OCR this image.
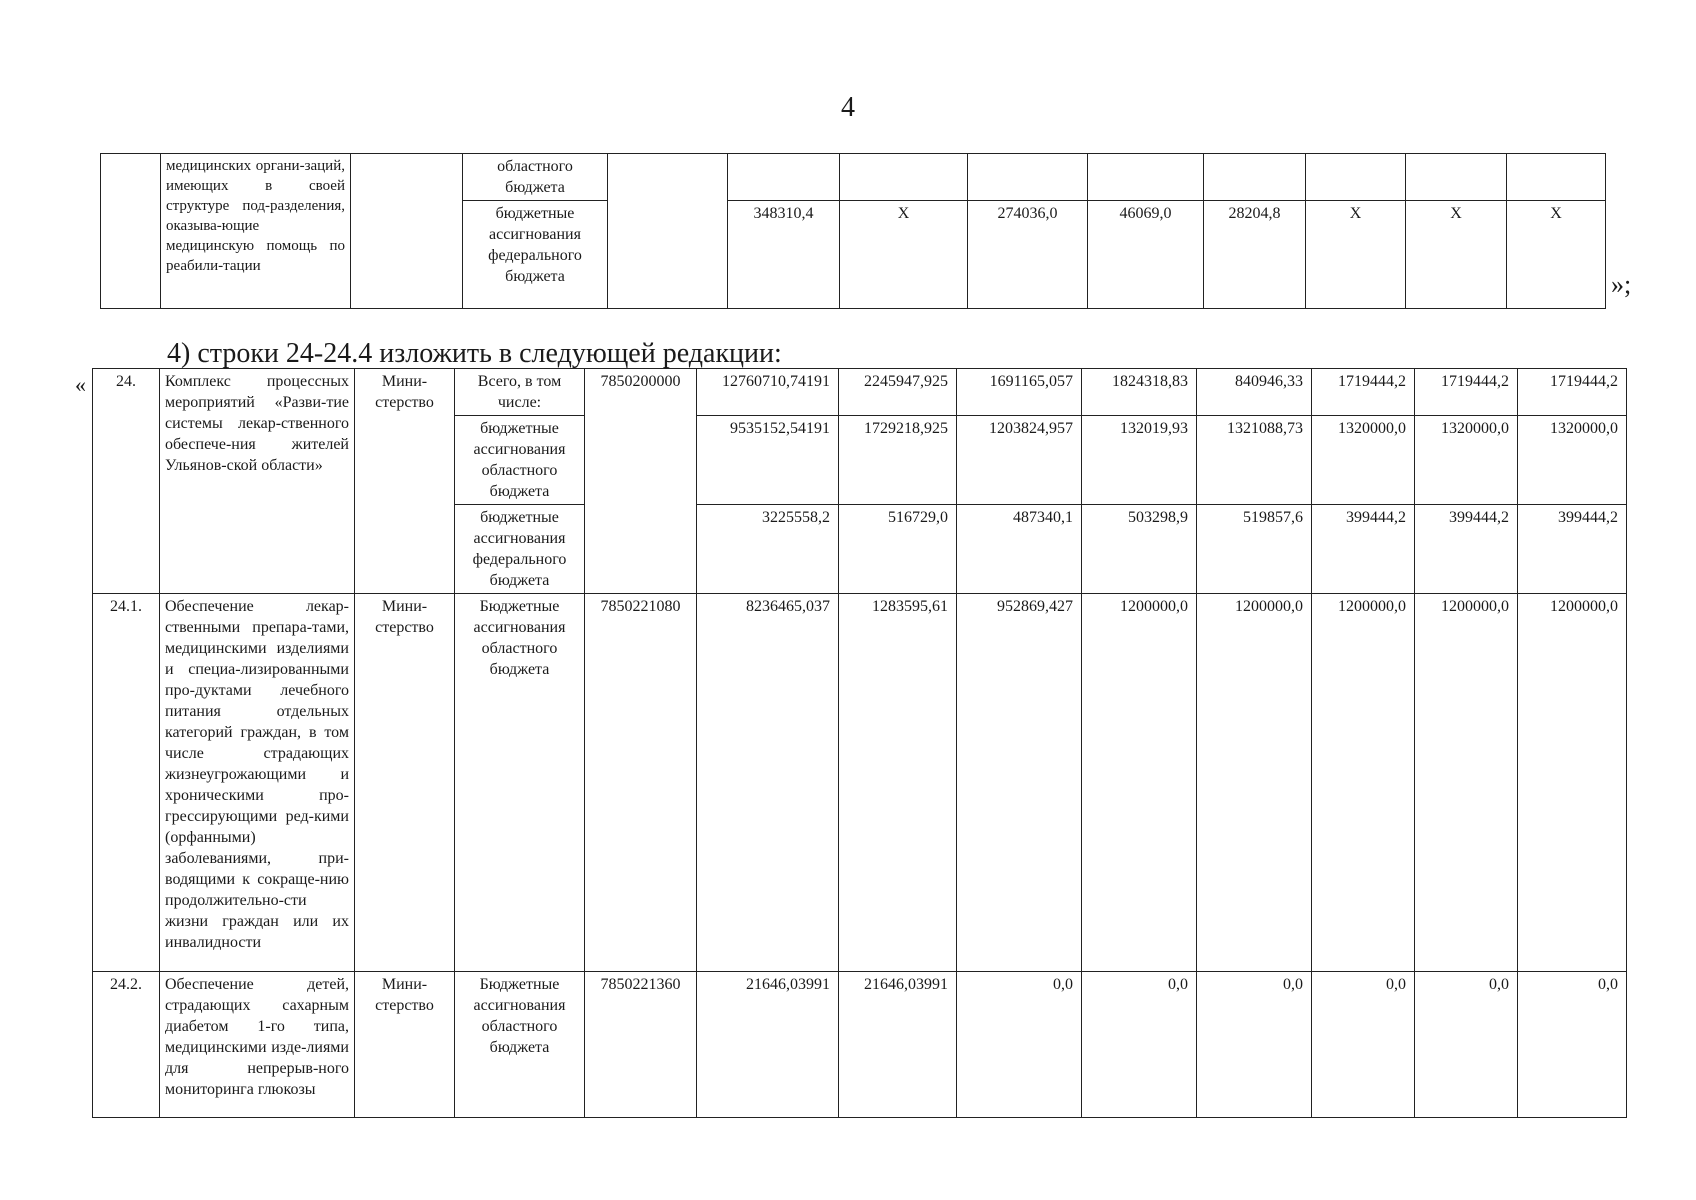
4
	медицинских органи-заций, имеющих в своей структуре под-разделения, оказыва-ющие медицинскую помощь по реабили-тации		областного бюджета									
			бюджетные ассигнования федерального бюджета		348310,4	X	274036,0	46069,0	28204,8	X	X	X
»;
4) строки 24-24.4 изложить в следующей редакции:
« 24.	Комплекс процессных мероприятий «Разви-тие системы лекар-ственного обеспече-ния жителей Ульянов-ской области»	Мини-стерство	Всего, в том числе:	7850200000	12760710,74191	2245947,925	1691165,057	1824318,83	840946,33	1719444,2	1719444,2	1719444,2
			бюджетные ассигнования областного бюджета		9535152,54191	1729218,925	1203824,957	132019,93	1321088,73	1320000,0	1320000,0	1320000,0
			бюджетные ассигнования федерального бюджета		3225558,2	516729,0	487340,1	503298,9	519857,6	399444,2	399444,2	399444,2
24.1.	Обеспечение лекар-ственными препара-тами, медицинскими изделиями и специа-лизированными про-дуктами лечебного питания отдельных категорий граждан, в том числе страдающих жизнеугрожающими и хроническими про-грессирующими ред-кими (орфанными) заболеваниями, при-водящими к сокраще-нию продолжительно-сти жизни граждан или их инвалидности	Мини-стерство	Бюджетные ассигнования областного бюджета	7850221080	8236465,037	1283595,61	952869,427	1200000,0	1200000,0	1200000,0	1200000,0	1200000,0
24.2.	Обеспечение детей, страдающих сахарным диабетом 1-го типа, медицинскими изде-лиями для непрерыв-ного мониторинга глюкозы	Мини-стерство	Бюджетные ассигнования областного бюджета	7850221360	21646,03991	21646,03991	0,0	0,0	0,0	0,0	0,0	0,0
